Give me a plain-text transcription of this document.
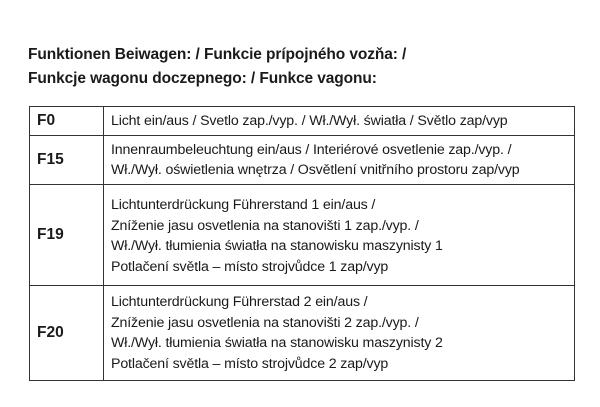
Funktionen Beiwagen: / Funkcie prípojného vozňa: /
Funkcje wagonu doczepnego: / Funkce vagonu:
F0	Licht ein/aus / Svetlo zap./vyp. / Wł./Wył. światła / Světlo zap/vyp

F15	Innenraumbeleuchtung ein/aus / Interiérové osvetlenie zap./vyp. /
Wł./Wył. oświetlenia wnętrza / Osvětlení vnitřního prostoru zap/vyp

F19	Lichtunterdrückung Führerstand 1 ein/aus /
Zníženie jasu osvetlenia na stanovišti 1 zap./vyp. /
Wł./Wył. tłumienia światła na stanowisku maszynisty 1
Potlačení světla – místo strojvůdce 1 zap/vyp

F20	Lichtunterdrückung Führerstad 2 ein/aus /
Zníženie jasu osvetlenia na stanovišti 2 zap./vyp. /
Wł./Wył. tłumienia światła na stanowisku maszynisty 2
Potlačení světla – místo strojvůdce 2 zap/vyp
